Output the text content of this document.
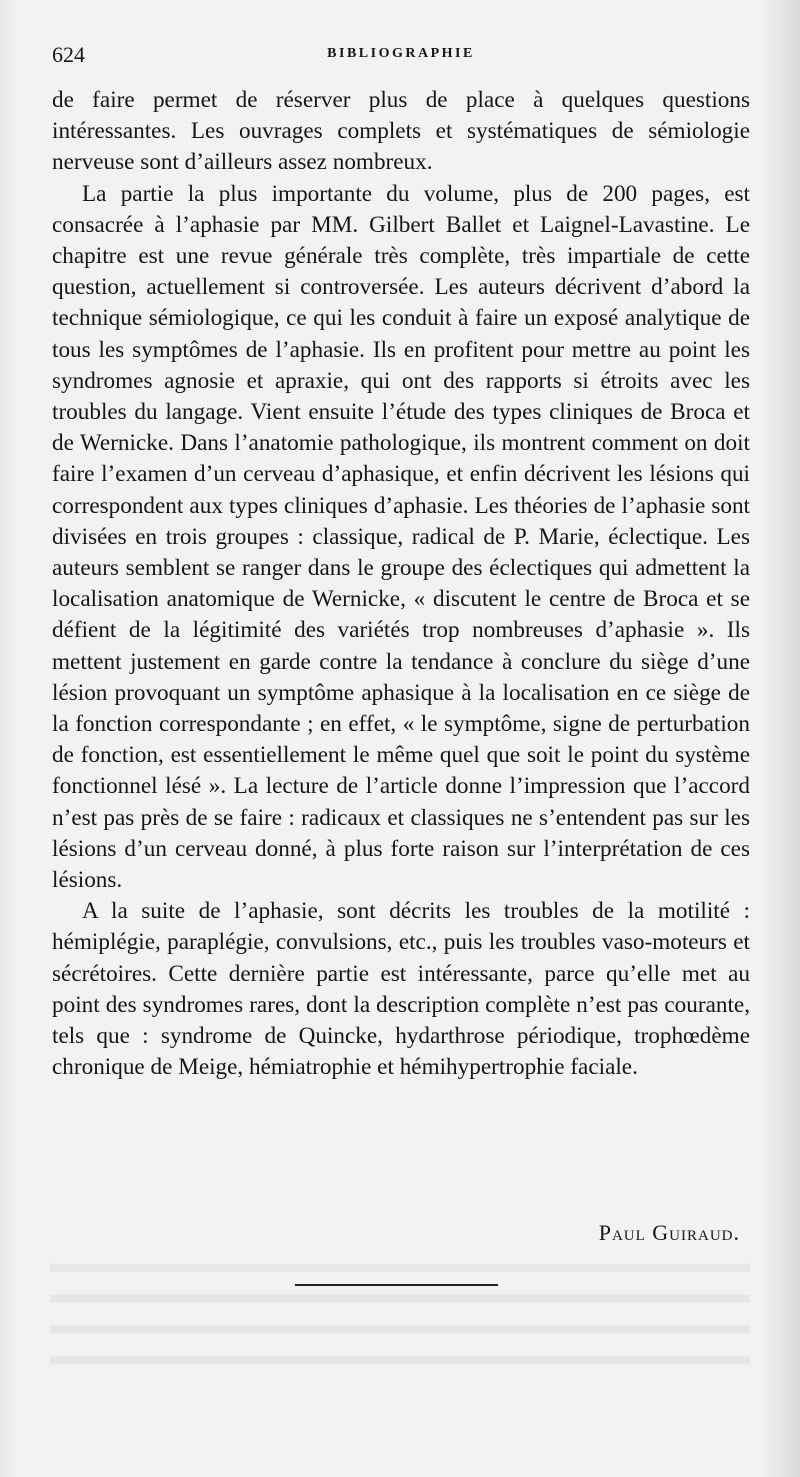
624	BIBLIOGRAPHIE

de faire permet de réserver plus de place à quelques questions intéressantes. Les ouvrages complets et systématiques de sémiologie nerveuse sont d’ailleurs assez nombreux.

La partie la plus importante du volume, plus de 200 pages, est consacrée à l’aphasie par MM. Gilbert Ballet et Laignel-Lavastine. Le chapitre est une revue générale très complète, très impartiale de cette question, actuellement si controversée. Les auteurs décrivent d’abord la technique sémiologique, ce qui les conduit à faire un exposé analytique de tous les symptômes de l’aphasie. Ils en profitent pour mettre au point les syndromes agnosie et apraxie, qui ont des rapports si étroits avec les troubles du langage. Vient ensuite l’étude des types cliniques de Broca et de Wernicke. Dans l’anatomie pathologique, ils montrent comment on doit faire l’examen d’un cerveau d’aphasique, et enfin décrivent les lésions qui correspondent aux types cliniques d’aphasie. Les théories de l’aphasie sont divisées en trois groupes : classique, radical de P. Marie, éclectique. Les auteurs semblent se ranger dans le groupe des éclectiques qui admettent la localisation anatomique de Wernicke, « discutent le centre de Broca et se défient de la légitimité des variétés trop nombreuses d’aphasie ». Ils mettent justement en garde contre la tendance à conclure du siège d’une lésion provoquant un symptôme aphasique à la localisation en ce siège de la fonction correspondante ; en effet, « le symptôme, signe de perturbation de fonction, est essentiellement le même quel que soit le point du système fonctionnel lésé ». La lecture de l’article donne l’impression que l’accord n’est pas près de se faire : radicaux et classiques ne s’entendent pas sur les lésions d’un cerveau donné, à plus forte raison sur l’interprétation de ces lésions.

A la suite de l’aphasie, sont décrits les troubles de la motilité : hémiplégie, paraplégie, convulsions, etc., puis les troubles vaso-moteurs et sécrétoires. Cette dernière partie est intéressante, parce qu’elle met au point des syndromes rares, dont la description complète n’est pas courante, tels que : syndrome de Quincke, hydarthrose périodique, trophœdème chronique de Meige, hémiatrophie et hémihypertrophie faciale.

Paul Guiraud.
